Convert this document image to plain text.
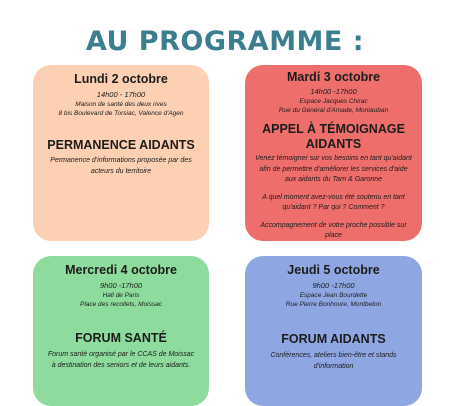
AU PROGRAMME :
Lundi 2 octobre
14h00 - 17h00
Maison de santé des deux rives
8 bis Boulevard de Torsiac, Valence d'Agen
PERMANENCE AIDANTS
Permanence d'informations proposée par des
acteurs du territoire
Mardi 3 octobre
14h00 -17h00
Espace Jacques Chirac
Rue du Général d'Amade, Montauban
APPEL À TÉMOIGNAGE
AIDANTS
Venez témoigner sur vos besoins en tant qu'aidant
afin de permettre d'améliorer les services d'aide
aux aidants du Tarn & Garonne
A quel moment avez-vous été soutenu en tant
qu'aidant ? Par qui ? Comment ?
Accompagnement de votre proche possible sur
place
Mercredi 4 octobre
9h00 -17h00
Hall de Paris
Place des recollets, Moissac
FORUM SANTÉ
Forum santé organisé par le CCAS de Moissac
à destination des seniors et de leurs aidants.
Jeudi 5 octobre
9h00 -17h00
Espace Jean Bourdette
Rue Pierre Bonhoure, Montbeton
FORUM AIDANTS
Conférences, ateliers bien-être et stands
d'information
